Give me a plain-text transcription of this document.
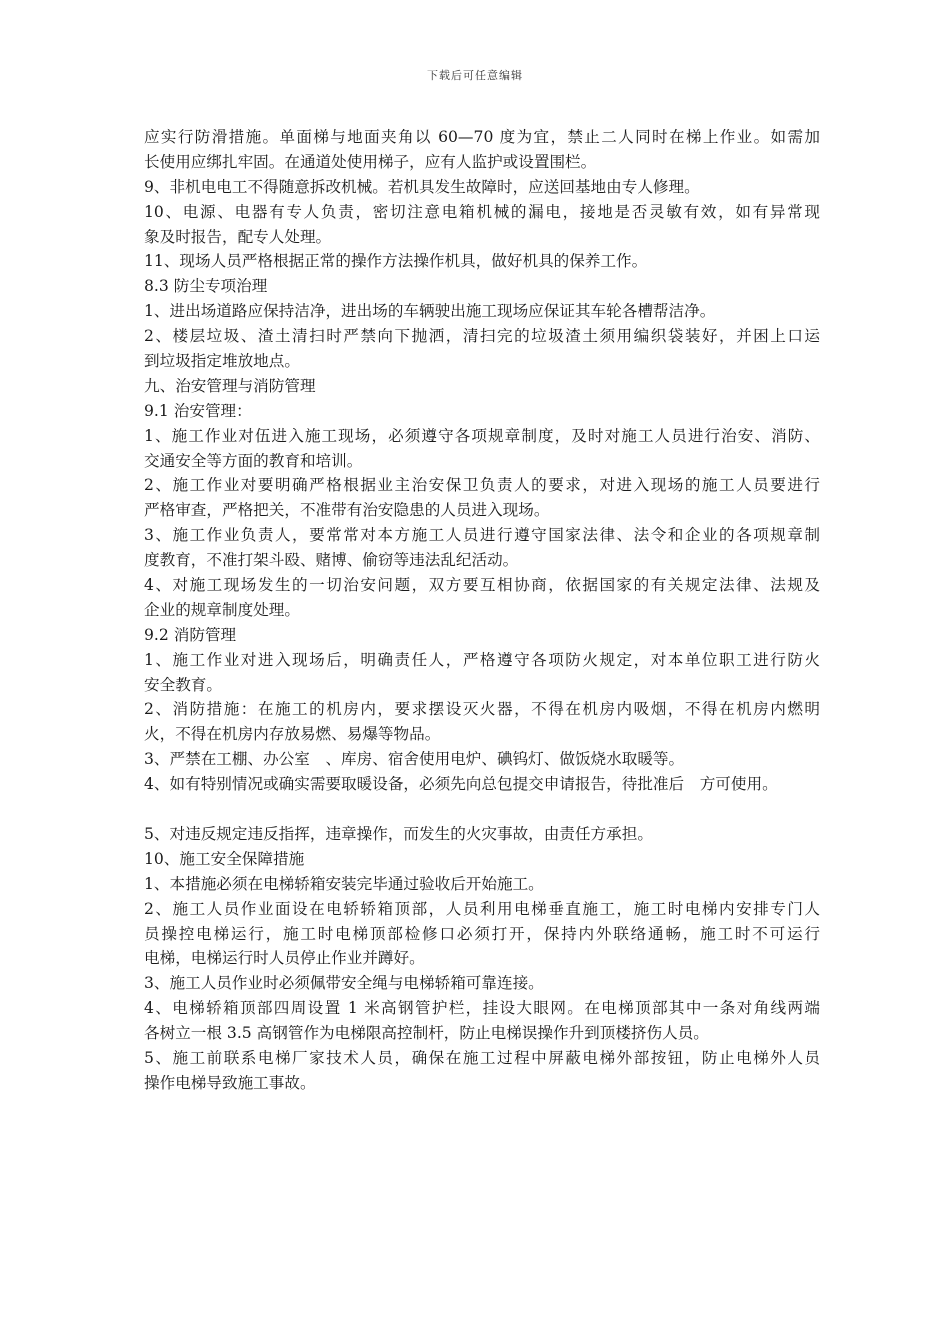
下载后可任意编辑
应实行防滑措施。单面梯与地面夹角以 60—70 度为宜，禁止二人同时在梯上作业。如需加
长使用应绑扎牢固。在通道处使用梯子，应有人监护或设置围栏。
9、非机电电工不得随意拆改机械。若机具发生故障时，应送回基地由专人修理。
10、电源、电器有专人负责，密切注意电箱机械的漏电，接地是否灵敏有效，如有异常现
象及时报告，配专人处理。
11、现场人员严格根据正常的操作方法操作机具，做好机具的保养工作。
8.3 防尘专项治理
1、进出场道路应保持洁净，进出场的车辆驶出施工现场应保证其车轮各槽帮洁净。
2、楼层垃圾、渣土清扫时严禁向下抛洒，清扫完的垃圾渣土须用编织袋装好，并困上口运
到垃圾指定堆放地点。
九、治安管理与消防管理
9.1 治安管理：
1、施工作业对伍进入施工现场，必须遵守各项规章制度，及时对施工人员进行治安、消防、
交通安全等方面的教育和培训。
2、施工作业对要明确严格根据业主治安保卫负责人的要求，对进入现场的施工人员要进行
严格审查，严格把关，不准带有治安隐患的人员进入现场。
3、施工作业负责人，要常常对本方施工人员进行遵守国家法律、法令和企业的各项规章制
度教育，不准打架斗殴、赌博、偷窃等违法乱纪活动。
4、对施工现场发生的一切治安问题，双方要互相协商，依据国家的有关规定法律、法规及
企业的规章制度处理。
9.2 消防管理
1、施工作业对进入现场后，明确责任人，严格遵守各项防火规定，对本单位职工进行防火
安全教育。
2、消防措施：在施工的机房内，要求摆设灭火器，不得在机房内吸烟，不得在机房内燃明
火，不得在机房内存放易燃、易爆等物品。
3、严禁在工棚、办公室　、库房、宿舍使用电炉、碘钨灯、做饭烧水取暖等。
4、如有特别情况或确实需要取暖设备，必须先向总包提交申请报告，待批准后　方可使用。
5、对违反规定违反指挥，违章操作，而发生的火灾事故，由责任方承担。
10、施工安全保障措施
1、本措施必须在电梯轿箱安装完毕通过验收后开始施工。
2、施工人员作业面设在电轿轿箱顶部，人员利用电梯垂直施工，施工时电梯内安排专门人
员操控电梯运行，施工时电梯顶部检修口必须打开，保持内外联络通畅，施工时不可运行
电梯，电梯运行时人员停止作业并蹲好。
3、施工人员作业时必须佩带安全绳与电梯轿箱可靠连接。
4、电梯轿箱顶部四周设置 1 米高钢管护栏，挂设大眼网。在电梯顶部其中一条对角线两端
各树立一根 3.5 高钢管作为电梯限高控制杆，防止电梯误操作升到顶楼挤伤人员。
5、施工前联系电梯厂家技术人员，确保在施工过程中屏蔽电梯外部按钮，防止电梯外人员
操作电梯导致施工事故。
